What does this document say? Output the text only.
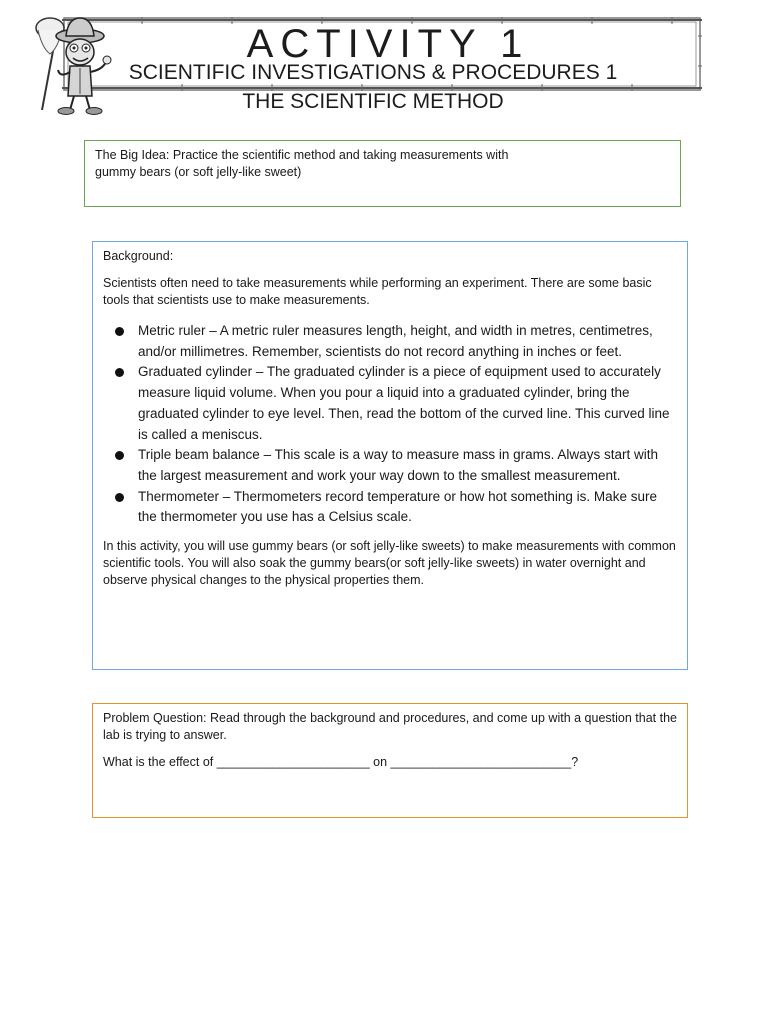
ACTIVITY 1
SCIENTIFIC INVESTIGATIONS & PROCEDURES 1
THE SCIENTIFIC METHOD
The Big Idea: Practice the scientific method and taking measurements with
gummy bears (or soft jelly-like sweet)

Background:

Scientists often need to take measurements while performing an experiment. There are some basic tools that scientists use to make measurements.

Metric ruler – A metric ruler measures length, height, and width in metres, centimetres, and/or millimetres. Remember, scientists do not record anything in inches or feet.
Graduated cylinder – The graduated cylinder is a piece of equipment used to accurately measure liquid volume. When you pour a liquid into a graduated cylinder, bring the graduated cylinder to eye level. Then, read the bottom of the curved line. This curved line is called a meniscus.
Triple beam balance – This scale is a way to measure mass in grams. Always start with the largest measurement and work your way down to the smallest measurement.
Thermometer – Thermometers record temperature or how hot something is. Make sure the thermometer you use has a Celsius scale.

In this activity, you will use gummy bears (or soft jelly-like sweets) to make measurements with common scientific tools. You will also soak the gummy bears(or soft jelly-like sweets) in water overnight and observe physical changes to the physical properties them.

Problem Question: Read through the background and procedures, and come up with a question that the lab is trying to answer.

What is the effect of ______________________ on __________________________?
